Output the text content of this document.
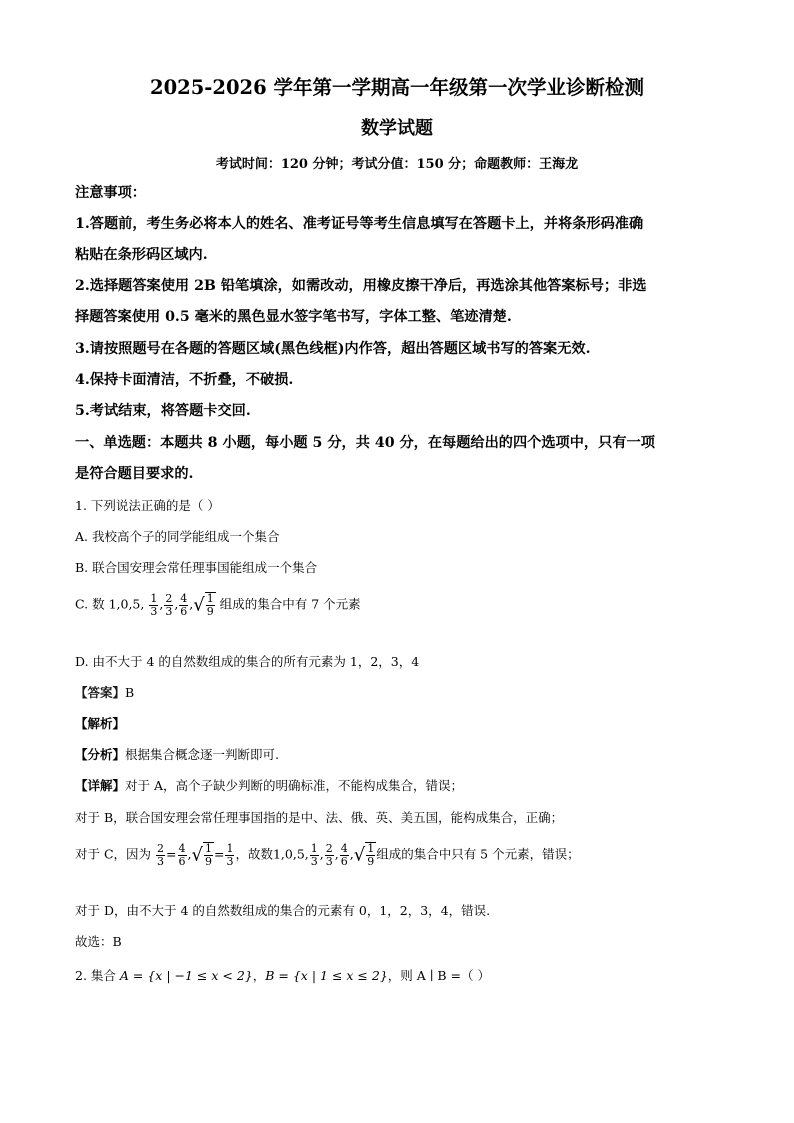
2025-2026 学年第一学期高一年级第一次学业诊断检测
数学试题
考试时间：120 分钟；考试分值：150 分；命题教师：王海龙
注意事项：
1.答题前，考生务必将本人的姓名、准考证号等考生信息填写在答题卡上，并将条形码准确
粘贴在条形码区域内.
2.选择题答案使用 2B 铅笔填涂，如需改动，用橡皮擦干净后，再选涂其他答案标号；非选
择题答案使用 0.5 毫米的黑色显水签字笔书写，字体工整、笔迹清楚.
3.请按照题号在各题的答题区域(黑色线框)内作答，超出答题区域书写的答案无效.
4.保持卡面清洁，不折叠，不破损.
5.考试结束，将答题卡交回.
一、单选题：本题共 8 小题，每小题 5 分，共 40 分，在每题给出的四个选项中，只有一项
是符合题目要求的.
1. 下列说法正确的是（ ）
A. 我校高个子的同学能组成一个集合
B. 联合国安理会常任理事国能组成一个集合
C. 数 1,0,5, $\frac{1}{3}$ , $\frac{2}{3}$ , $\frac{4}{6}$ ,√ $\frac{1}{9}$ 组成的集合中有 7 个元素
D. 由不大于 4 的自然数组成的集合的所有元素为 1，2，3，4
【答案】B
【解析】
【分析】根据集合概念逐一判断即可.
【详解】对于 A，高个子缺少判断的明确标准，不能构成集合，错误；
对于 B，联合国安理会常任理事国指的是中、法、俄、英、美五国，能构成集合，正确；
对于 C，因为 $\frac{2}{3} = \frac{4}{6}$ ,√ $\frac{1}{9} = \frac{1}{3}$ ，故数1,0,5, $\frac{1}{3}$ , $\frac{2}{3}$ , $\frac{4}{6}$ ,√ $\frac{1}{9}$ 组成的集合中只有 5 个元素，错误；
对于 D，由不大于 4 的自然数组成的集合的元素有 0，1，2，3，4，错误.
故选：B
2. 集合 A = {x | −1 ≤ x < 2}，B = {x | 1 ≤ x ≤ 2}，则 A ∣ B =（ ）
